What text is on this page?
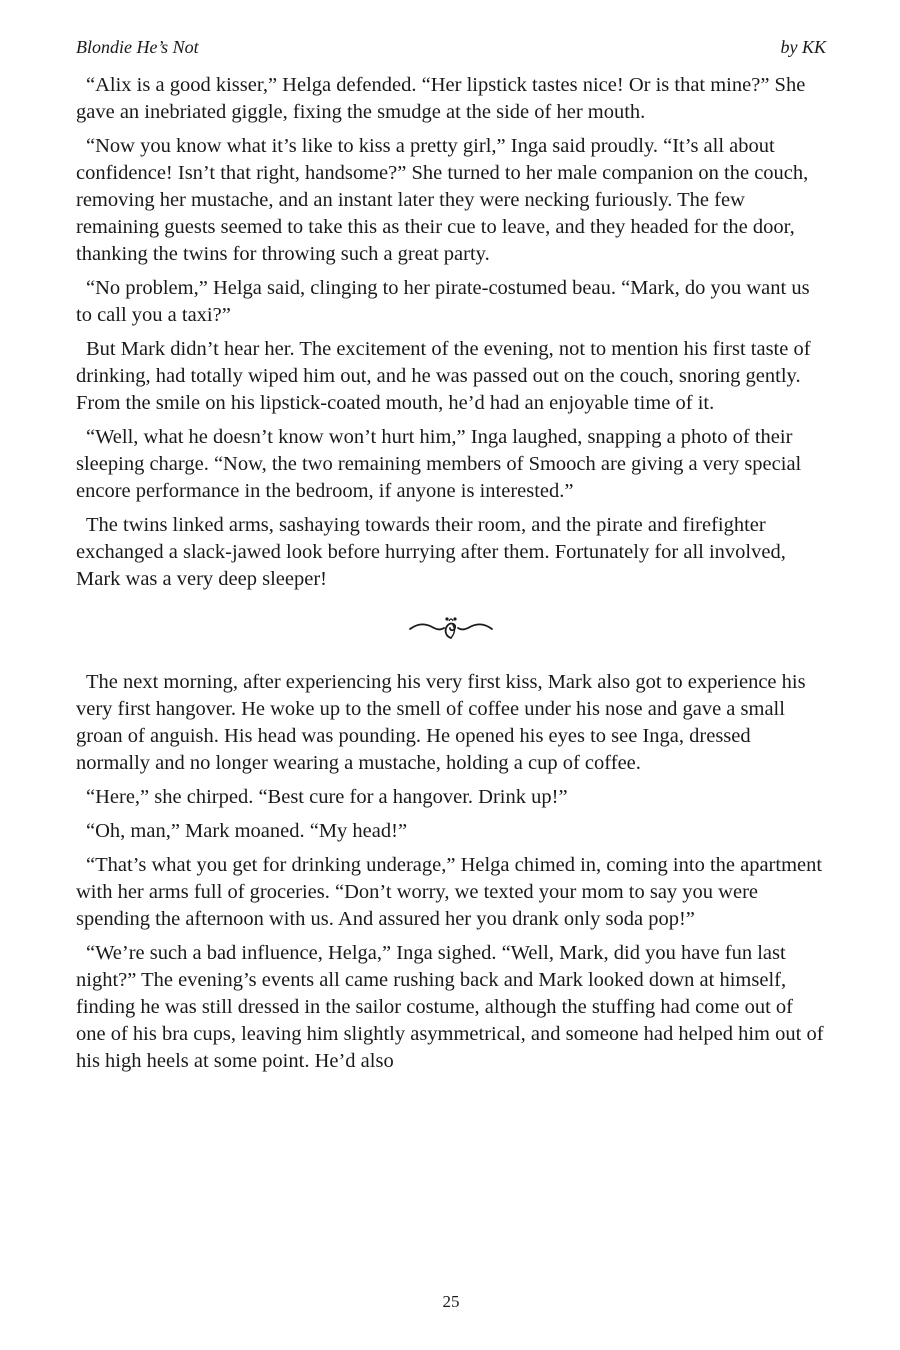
Blondie He’s Not	by KK

“Alix is a good kisser,” Helga defended. “Her lipstick tastes nice! Or is that mine?” She gave an inebriated giggle, fixing the smudge at the side of her mouth.

“Now you know what it’s like to kiss a pretty girl,” Inga said proudly. “It’s all about confidence! Isn’t that right, handsome?” She turned to her male companion on the couch, removing her mustache, and an instant later they were necking furiously. The few remaining guests seemed to take this as their cue to leave, and they headed for the door, thanking the twins for throwing such a great party.

“No problem,” Helga said, clinging to her pirate-costumed beau. “Mark, do you want us to call you a taxi?”

But Mark didn’t hear her. The excitement of the evening, not to mention his first taste of drinking, had totally wiped him out, and he was passed out on the couch, snoring gently. From the smile on his lipstick-coated mouth, he’d had an enjoyable time of it.

“Well, what he doesn’t know won’t hurt him,” Inga laughed, snapping a photo of their sleeping charge. “Now, the two remaining members of Smooch are giving a very special encore performance in the bedroom, if anyone is interested.”

The twins linked arms, sashaying towards their room, and the pirate and firefighter exchanged a slack-jawed look before hurrying after them. Fortunately for all involved, Mark was a very deep sleeper!

The next morning, after experiencing his very first kiss, Mark also got to experience his very first hangover. He woke up to the smell of coffee under his nose and gave a small groan of anguish. His head was pounding. He opened his eyes to see Inga, dressed normally and no longer wearing a mustache, holding a cup of coffee.

“Here,” she chirped. “Best cure for a hangover. Drink up!”

“Oh, man,” Mark moaned. “My head!”

“That’s what you get for drinking underage,” Helga chimed in, coming into the apartment with her arms full of groceries. “Don’t worry, we texted your mom to say you were spending the afternoon with us. And assured her you drank only soda pop!”

“We’re such a bad influence, Helga,” Inga sighed. “Well, Mark, did you have fun last night?” The evening’s events all came rushing back and Mark looked down at himself, finding he was still dressed in the sailor costume, although the stuffing had come out of one of his bra cups, leaving him slightly asymmetrical, and someone had helped him out of his high heels at some point. He’d also

25
